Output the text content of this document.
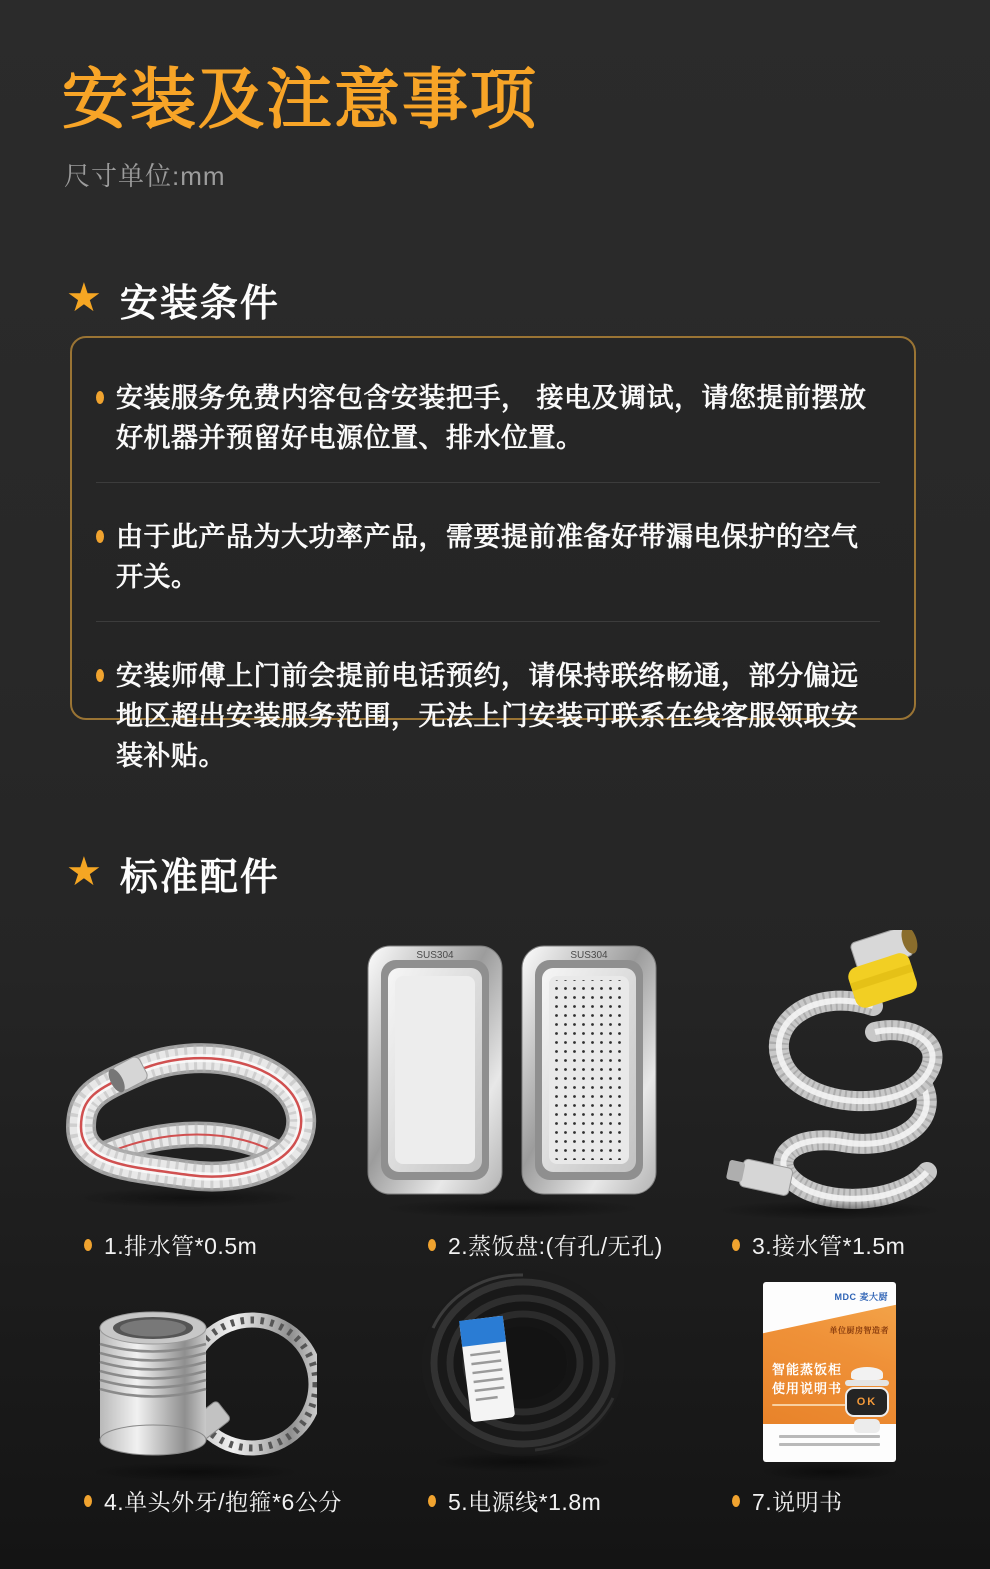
安装及注意事项
尺寸单位:mm
★ 安装条件
安装服务免费内容包含安装把手， 接电及调试，请您提前摆放好机器并预留好电源位置、排水位置。
由于此产品为大功率产品，需要提前准备好带漏电保护的空气开关。
安装师傅上门前会提前电话预约，请保持联络畅通，部分偏远地区超出安装服务范围，无法上门安装可联系在线客服领取安装补贴。
★ 标准配件
SUS304	SUS304
1.排水管*0.5m	2.蒸饭盘:(有孔/无孔)	3.接水管*1.5m
MDC 麦大厨
单位厨房智造者
智能蒸饭柜
使用说明书
OK
4.单头外牙/抱箍*6公分	5.电源线*1.8m	7.说明书
